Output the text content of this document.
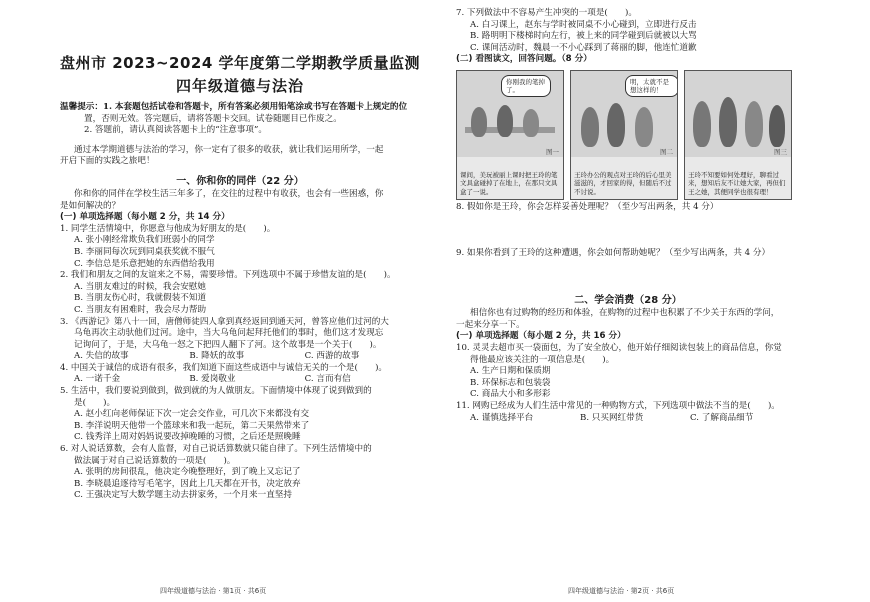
盘州市 2023~2024 学年度第二学期教学质量监测

四年级道德与法治

温馨提示：1. 本套题包括试卷和答题卡，所有答案必须用铅笔涂或书写在答题卡上规定的位

置，否则无效。答完题后，请将答题卡交回。试卷随题目已作废之。

2. 答题前，请认真阅读答题卡上的“注意事项”。

通过本学期道德与法治的学习，你一定有了很多的收获，就让我们运用所学，一起

开启下面的实践之旅吧！

一、你和你的同伴（22 分）

你和你的同伴在学校生活三年多了，在交往的过程中有收获，也会有一些困惑，你

是如何解决的？

(一) 单项选择题（每小题 2 分，共 14 分）

1. 同学生活情境中，你愿意与他成为好朋友的是(　　)。

A. 张小刚经常欺负我们班弱小的同学

B. 李丽同每次玩到同桌获奖就不服气

C. 李信总是乐意把她的东西借给我用

2. 我们和朋友之间的友谊来之不易，需要珍惜。下列选项中不属于珍惜友谊的是(　　)。

A. 当朋友难过的时候，我会安慰她

B. 当朋友伤心时，我就假装不知道

C. 当朋友有困难时，我会尽力帮助

3. 《西游记》第八十一回，唐僧师徒四人拿到真经返回到通天河，曾答应他们过河的大

乌龟再次主动驮他们过河。途中，当大乌龟问起拜托他们的事时，他们这才发现忘

记询问了，于是，大乌龟一怒之下把四人翻下了河。这个故事是一个关于(　　)。

A. 失信的故事	B. 降妖的故事	C. 西游的故事

4. 中国关于诚信的成语有很多，我们知道下面这些成语中与诚信无关的一个是(　　)。

A. 一诺千金	B. 爱岗敬业	C. 言而有信

5. 生活中，我们要说到做到，做到就的为人做朋友。下面情境中体现了说到做到的

是(　　)。

A. 赵小红向老师保证下次一定会交作业，可几次下来都没有交

B. 李洋说明天他带一个篮球来和我一起玩，第二天果然带来了

C. 钱秀洋上周对妈妈说要改掉晚睡的习惯，之后还是照晚睡

6. 对人说话算数，会有人监督，对自己说话算数就只能自律了。下列生活情境中的

做法属于对自己说话算数的一项是(　　)。

A. 张明的房间很乱，他决定今晚整理好，到了晚上又忘记了

B. 李晓晨追逐待写毛笔字，因此上几天都在开书，决定放弃

C. 王强决定写大数学题主动去拼家务，一个月来一直坚持

四年级道德与法治 · 第1页 · 共6页

7. 下列做法中不容易产生冲突的一项是(　　)。

A. 白习课上，赵东与学时被同桌不小心碰到，立即进行反击

B. 路明明下楼梯时向左行，被上来的同学碰到后就被以大骂

C. 课间活动时，魏晨一不小心踩到了蒋丽的脚，他连忙道歉

(二) 看图读文，回答问题。（8 分）

你刚我的笔掉了。
图一
课间，美玩被丽上课时把王玲的笔文具盒碰掉了在地上，在那只文具盒了一说。
明，太就不是想这样的！
图二
王玲办公的观点对王玲的后心里美滋滋的，才回家的得，但随后不过不讨说。
图三
王玲不知要如何处理好，聊看过来，想知后友不让她大家，再但们王之她，其便同学也很有理！

8. 假如你是王玲，你会怎样妥善处理呢？（至少写出两条，共 4 分）

9. 如果你看到了王玲的这种遭遇，你会如何帮助她呢？（至少写出两条，共 4 分）

二、学会消费（28 分）

相信你也有过购物的经历和体验，在购物的过程中也积累了不少关于东西的学问，

一起来分享一下。

(一) 单项选择题（每小题 2 分，共 16 分）

10. 灵灵去超市买一袋面包，为了安全放心，他开始仔细阅读包装上的商品信息，你觉

得他最应该关注的一项信息是(　　)。

A. 生产日期和保质期

B. 环保标志和包装袋

C. 商品大小和多形彩

11. 网购已经成为人们生活中常见的一种购物方式，下列选项中做法不当的是(　　)。

A. 谨慎选择平台	B. 只买网红带货	C. 了解商品细节
四年级道德与法治 · 第2页 · 共6页
